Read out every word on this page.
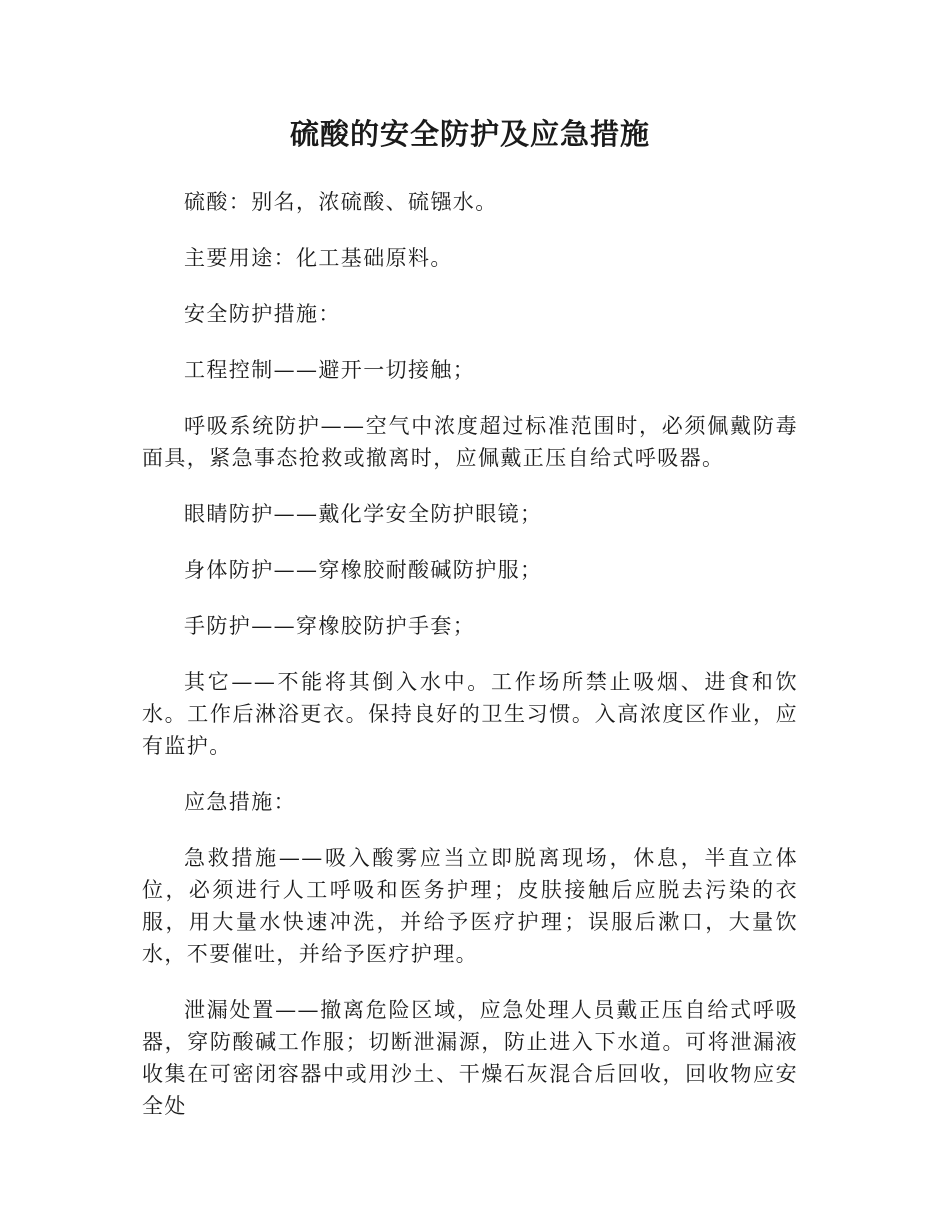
硫酸的安全防护及应急措施

硫酸：别名，浓硫酸、硫镪水。

主要用途：化工基础原料。

安全防护措施：

工程控制——避开一切接触；

呼吸系统防护——空气中浓度超过标准范围时，必须佩戴防毒面具，紧急事态抢救或撤离时，应佩戴正压自给式呼吸器。

眼睛防护——戴化学安全防护眼镜；

身体防护——穿橡胶耐酸碱防护服；

手防护——穿橡胶防护手套；

其它——不能将其倒入水中。工作场所禁止吸烟、进食和饮水。工作后淋浴更衣。保持良好的卫生习惯。入高浓度区作业，应有监护。

应急措施：

急救措施——吸入酸雾应当立即脱离现场，休息，半直立体位，必须进行人工呼吸和医务护理；皮肤接触后应脱去污染的衣服，用大量水快速冲洗，并给予医疗护理；误服后漱口，大量饮水，不要催吐，并给予医疗护理。

泄漏处置——撤离危险区域，应急处理人员戴正压自给式呼吸器，穿防酸碱工作服；切断泄漏源，防止进入下水道。可将泄漏液收集在可密闭容器中或用沙土、干燥石灰混合后回收，回收物应安全处
